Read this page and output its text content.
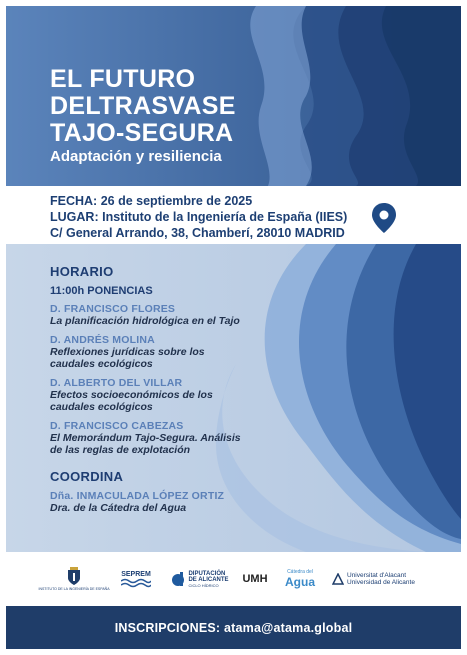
EL FUTURO
DELTRASVASE
TAJO-SEGURA
Adaptación y resiliencia
FECHA: 26 de septiembre de 2025
LUGAR: Instituto de la Ingeniería de España (IIES)
C/ General Arrando, 38, Chamberí, 28010 MADRID
HORARIO
11:00h PONENCIAS
D. FRANCISCO FLORES
La planificación hidrológica en el Tajo
D. ANDRÉS MOLINA
Reflexiones jurídicas sobre los
caudales ecológicos
D. ALBERTO DEL VILLAR
Efectos socioeconómicos de los
caudales ecológicos
D. FRANCISCO CABEZAS
El Memorándum Tajo-Segura. Análisis
de las reglas de explotación
COORDINA
Dña. INMACULADA LÓPEZ ORTIZ
Dra. de la Cátedra del Agua
INSTITUTO DE LA INGENIERÍA DE ESPAÑA
SEPREM	DIPUTACIÓN
DE ALICANTE
CICLO HÍDRICO	UMH
Cátedra del
Agua	Universitat d'Alacant
Universidad de Alicante
INSCRIPCIONES: atama@atama.global
